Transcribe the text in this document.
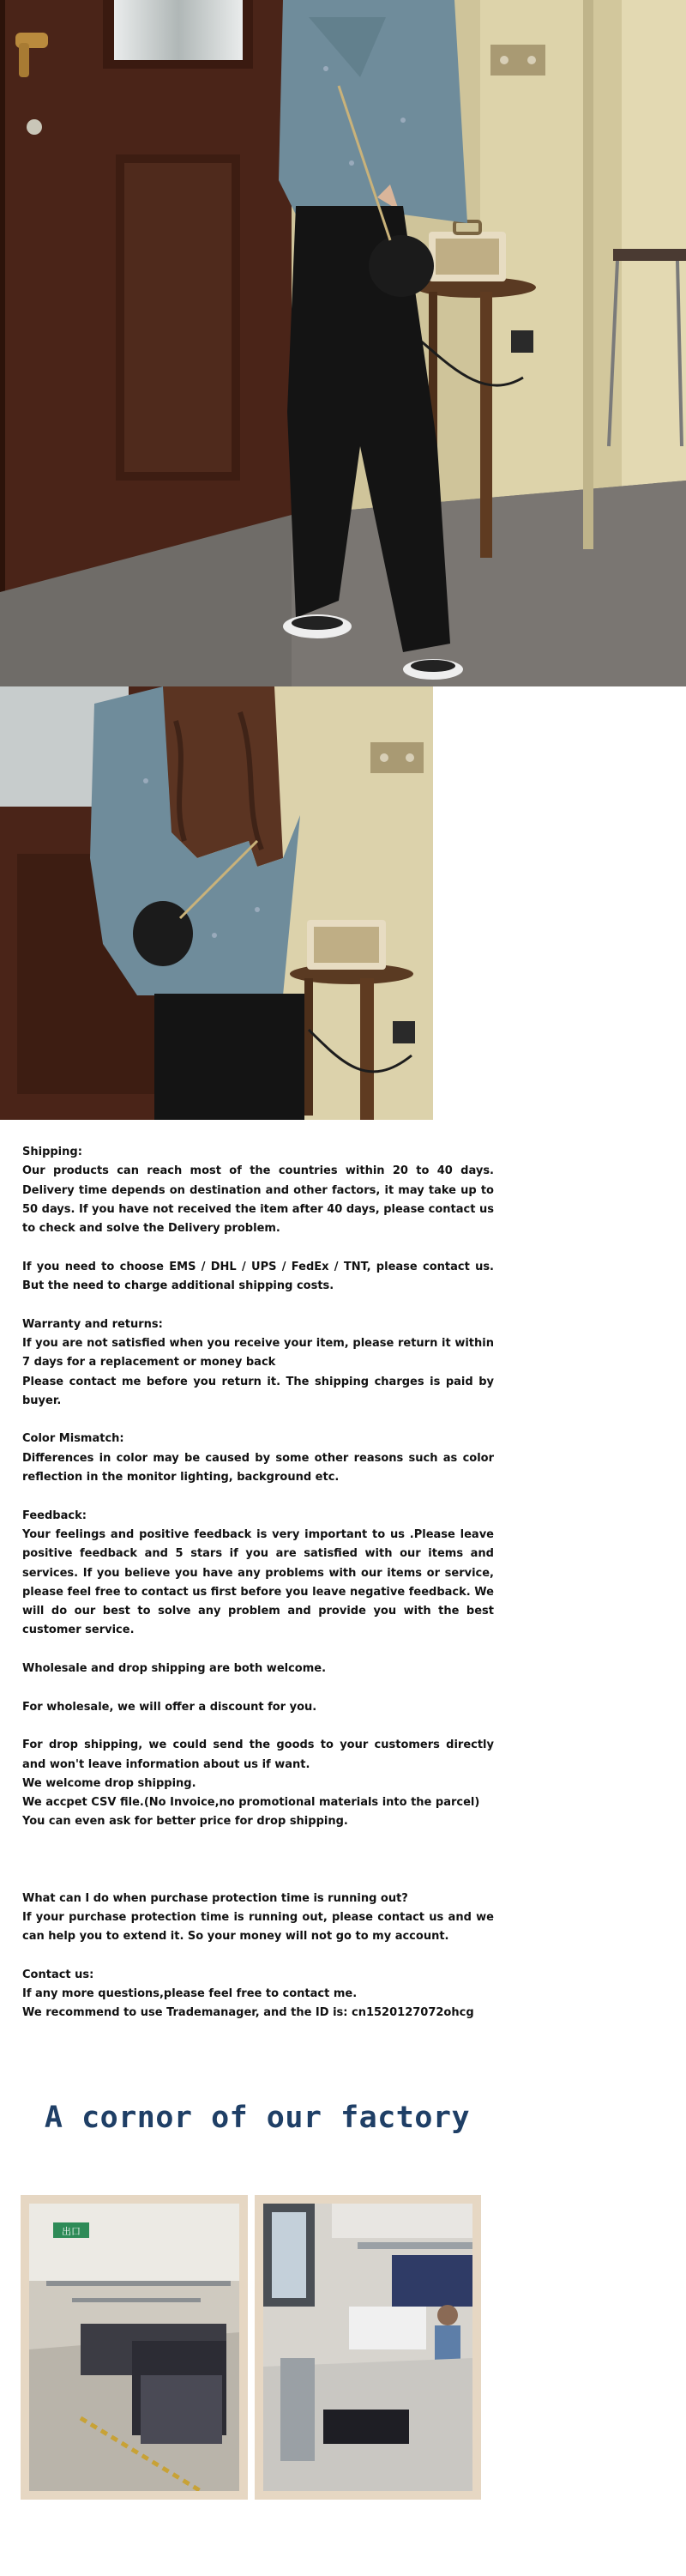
Shipping:

Our products can reach most of the countries within 20 to 40 days. Delivery time depends on destination and other factors, it may take up to 50 days. If you have not received the item after 40 days, please contact us to check and solve the Delivery problem.

If you need to choose EMS / DHL / UPS / FedEx / TNT, please contact us. But the need to charge additional shipping costs.

Warranty and returns:

If you are not satisfied when you receive your item, please return it within 7 days for a replacement or money back

Please contact me before you return it. The shipping charges is paid by buyer.

Color Mismatch:

Differences in color may be caused by some other reasons such as color reflection in the monitor lighting, background etc.

Feedback:

Your feelings and positive feedback is very important to us .Please leave positive feedback and 5 stars if you are satisfied with our items and services. If you believe you have any problems with our items or service, please feel free to contact us first before you leave negative feedback. We will do our best to solve any problem and provide you with the best customer service.

Wholesale and drop shipping are both welcome.

For wholesale, we will offer a discount for you.

For drop shipping, we could send the goods to your customers directly and won't leave information about us if want.

We welcome drop shipping.

We accpet CSV file.(No Invoice,no promotional materials into the parcel)

You can even ask for better price for drop shipping.

What can I do when purchase protection time is running out?

If your purchase protection time is running out, please contact us and we can help you to extend it. So your money will not go to my account.

Contact us:

If any more questions,please feel free to contact me.

We recommend to use Trademanager, and the ID is: cn1520127072ohcg

A cornor of our factory
出口
